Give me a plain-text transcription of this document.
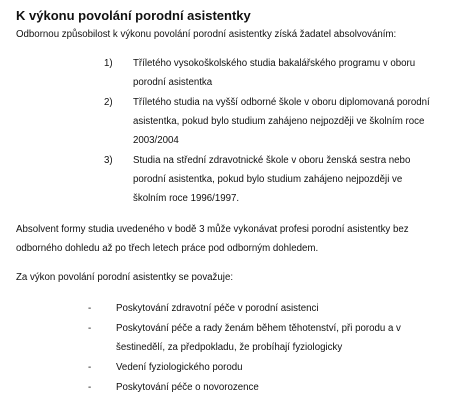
K výkonu povolání porodní asistentky
Odbornou způsobilost k výkonu povolání porodní asistentky získá žadatel absolvováním:
1)	Tříletého vysokoškolského studia bakalářského programu v oboru porodní asistentka
2)	Tříletého studia na vyšší odborné škole v oboru diplomovaná porodní asistentka, pokud bylo studium zahájeno nejpozději ve školním roce 2003/2004
3)	Studia na střední zdravotnické škole v oboru ženská sestra nebo porodní asistentka, pokud bylo studium zahájeno nejpozději ve školním roce 1996/1997.
Absolvent formy studia uvedeného v bodě 3 může vykonávat profesi porodní asistentky bez odborného dohledu až po třech letech práce pod odborným dohledem.
Za výkon povolání porodní asistentky se považuje:
-	Poskytování zdravotní péče v porodní asistenci
-	Poskytování péče a rady ženám během těhotenství, při porodu a v šestinedělí, za předpokladu, že probíhají fyziologicky
-	Vedení fyziologického porodu
-	Poskytování péče o novorozence
